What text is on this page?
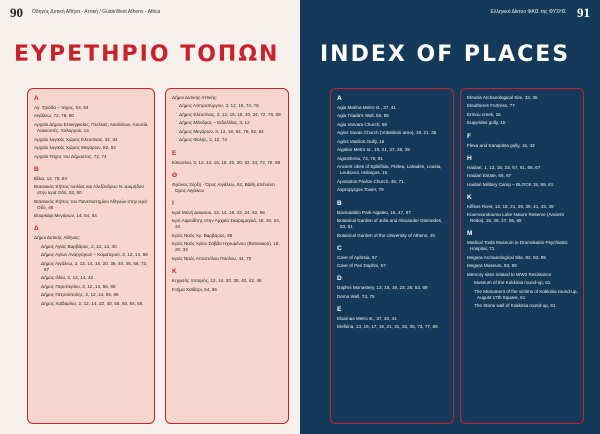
90 Οδηγός Δυτική Αθήνα - Αττική / GuideWest Athens - Attica
ΕΥΡΕΤΗΡΙΟ ΤΟΠΩΝ
Α
Αγ. Τριάδα – τείχος, 54, 84
Αιγάλεω, 72, 78, 80
Αρχαίο Δήμου Επικηφισίας, Πτελέας, Ακαλάτων, Λουσία, Λακκοντές, Χολαργού, 14
Αρχαίο λογικός Χώρος Ελευσίνας, 32, 34
Αρχαίο λογικός Χώρος Μεγάρων, 82, 84
Αρχαίο Τείχος του Δήμαστος, 72, 74
Β
Βίλια, 12, 78, 84
Βοτανικός Κήπος Ιουλίας και Αλεξάνδρου Ν. Διομήδου στην Ιερά Οδό, 52, 60
Βοτανικός Κήπος του Πανεπιστημίου Αθηνών στην Ιερά Οδό, 48
Βουρκάρι Μεγάρων, 14, 54, 64
Δ
Δήμοι Δυτικής Αθήνας:
Δήμος Αγίας Βαρβάρας, 2, 12, 14, 40
Δήμος Αγίων Αναργύρων – Καματερού, 2, 12, 14, 56
Δήμος Αιγάλεω, 2, 12, 14, 16, 20, 36, 40, 46, 56, 72, 87
Δήμος Ιλίου, 2, 12, 14, 42
Δήμος Περιστερίου, 2, 12, 14, 56, 88
Δήμος Πετρούπολης, 2, 12, 14, 56, 86
Δήμος Χαϊδαρίου, 2, 12, 14, 22, 40, 56, 60, 64, 66
Δήμοι Δυτικής Αττικής:
Δήμος Ασπροπύργου, 3, 12, 16, 74, 78
Δήμος Ελευσίνας, 3, 12, 16, 18, 30, 34, 72, 76, 89
Δήμος Μάνδρας – Ειδυλλίας, 3, 12
Δήμος Μεγάρων, 3, 12, 16, 54, 78, 82, 84
Δήμος Φυλής, 3, 12, 74
Ε
Ελευσίνα, 3, 12, 14, 16, 18, 20, 30, 32, 34, 72, 76, 89
Θ
Θρόνος Ξέρξη - Όρος Αιγάλεω, 62, Βάθη απέναντι Όρος Αιγάλεω
Ι
Ιερά Μονή Δαφνίου, 12, 14, 18, 22, 24, 52, 68
Ιερό Αφροδίτης στην Αρχαία Σκαραμαγκά, 18, 20, 24, 34
Ιερός Ναός Αγ. Βαρβάρας, 68
Ιερός Ναός Αγίου Σάββα Ηχουμένου (Βοτανικού), 18, 20, 34
Ιερός Ναός Αποστόλου Παύλου, 44, 70
Κ
Κηφισός ποταμός, 12, 14, 20, 38, 40, 42, 48
Κτήμα Χαϊδάρι, 64, 66
91
Ελληνικό Δίκτυο ΦΑΙΣ της ΦΥΣΗΣ
INDEX OF PLACES
A
Agia Marina Metro st., 37, 41
Agia Triada’s Wall, 55, 85
Agia Varvara Church, 69
Agios Savas Church (Votanikos area), 19, 21, 35
Agios Vasilios Gully, 15
Aigaleo Metro st., 19, 21, 37, 38, 39
Aigosthena, 73, 79, 81
Ancient cities of Epikifisia, Ptelea, Lakades, Lousia, Leukonoi, Holargos, 15
Apostolos Pavlos Church, 45, 71
Aspropyrgos Tower, 79
B
Bavoutaikio Park Aigaleo, 15, 47, 87
Botanical Garden of Julia and Alexander Diomedes, 53, 61
Botanical Garden of the University of Athens, 49
C
Cave of Aphrsia, 57
Cave of Pan Daphni, 57
D
Daphni Monastery, 13, 15, 19, 23, 25, 53, 69
Dema Wall, 73, 75
E
Elaionas Metro st., 37, 40, 41
Elefsina, 13, 15, 17, 19, 21, 31, 33, 35, 73, 77, 89
Eleusis Archaeological Site, 33, 35
Eleutheres Fortress, 77
Ermou creek, 15
Eupyrides gully, 15
F
Fleva and Kanapitsa gully, 15, 43
H
Haidari, 1, 13, 15, 23, 57, 61, 65, 67
Haidari Estate, 65, 67
Haidari Military Camp – BLOCK 15, 59, 61
K
Kifisos River, 13, 15, 21, 29, 39, 41, 43, 49
Koumoundourou Lake Nature Reserve (Ancient Reitoi), 15, 26, 27, 55, 65
M
Medical Tools Museum in Dromokaitio Psychiatric Hospital, 71
Megara Archaeological Site, 82, 83, 85
Megara Museum, 83, 85
Memory sites related to WW2 Resistance
Museum of the Kokkinia round-up, 61
The Monument of the victims of Kokkinia round-up, August 17th Square, 61
The Stone wall of Kokkinia round-up, 61
